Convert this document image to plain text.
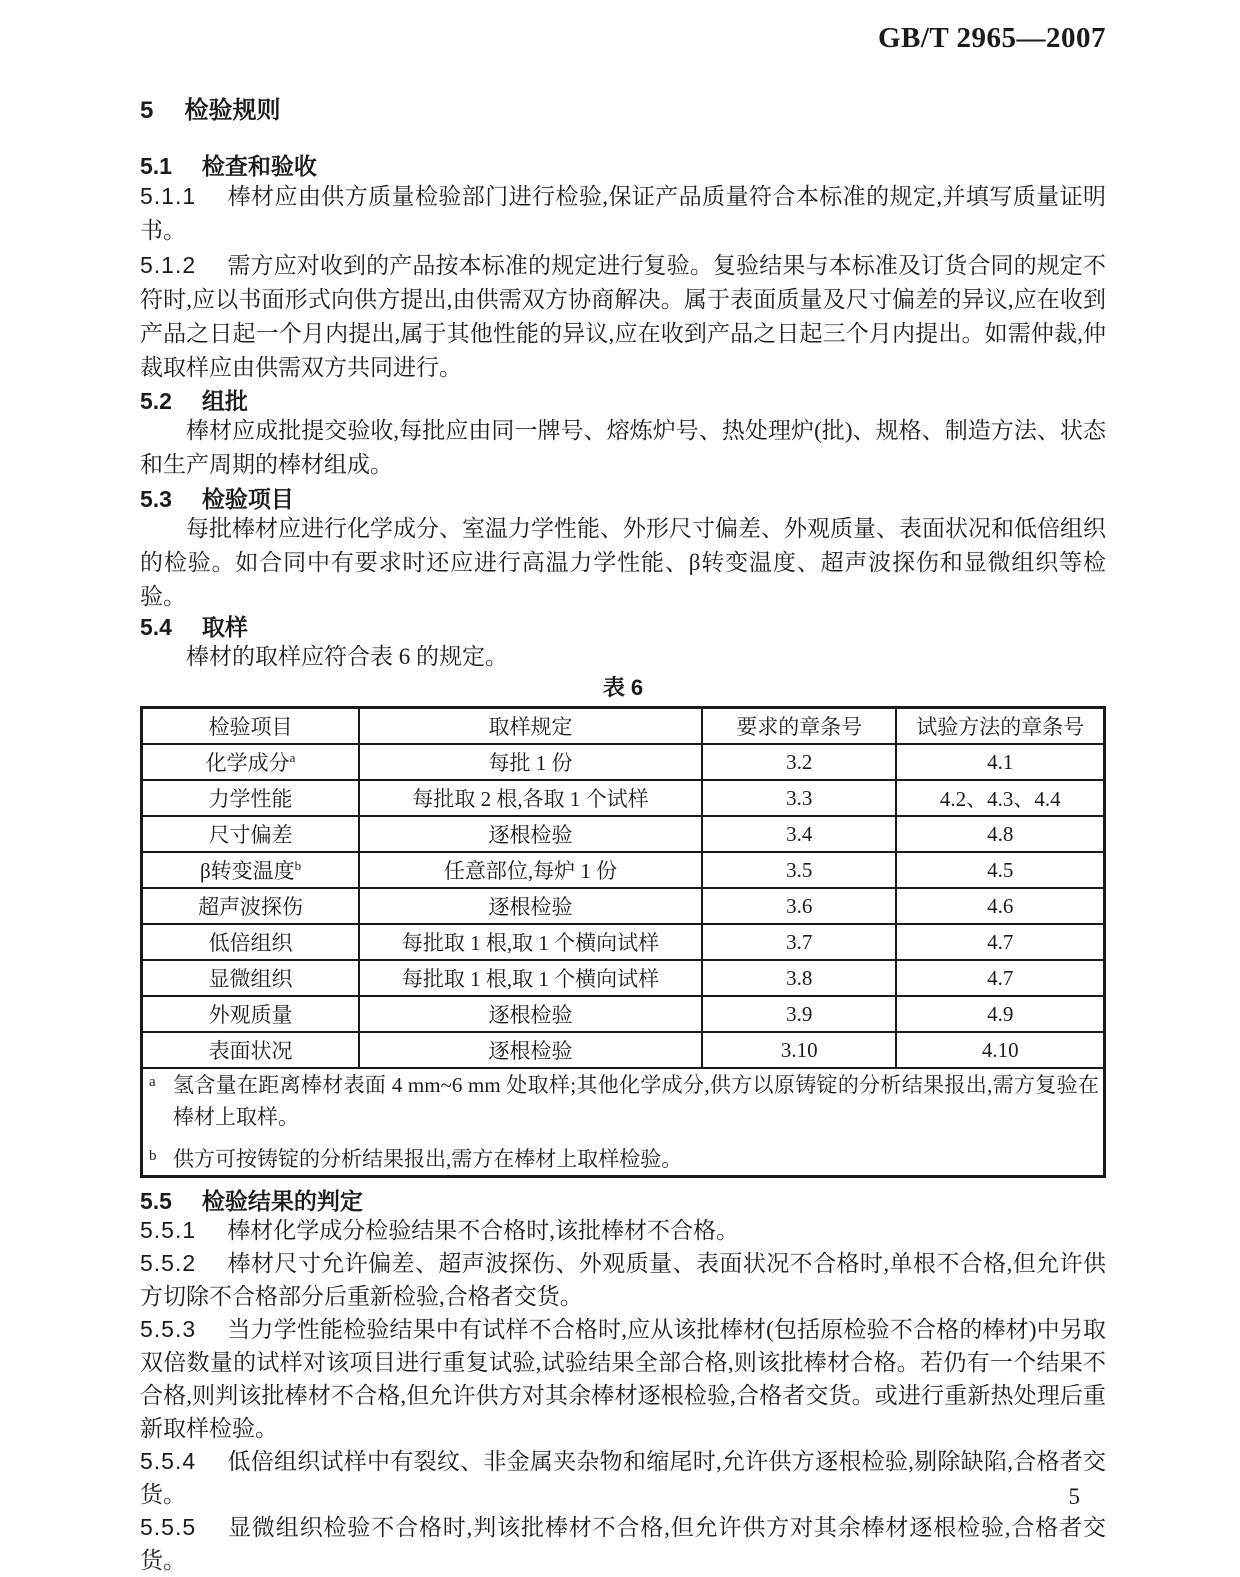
GB/T 2965—2007
5 检验规则
5.1 检查和验收

5.1.1 棒材应由供方质量检验部门进行检验,保证产品质量符合本标准的规定,并填写质量证明书。

5.1.2 需方应对收到的产品按本标准的规定进行复验。复验结果与本标准及订货合同的规定不符时,应以书面形式向供方提出,由供需双方协商解决。属于表面质量及尺寸偏差的异议,应在收到产品之日起一个月内提出,属于其他性能的异议,应在收到产品之日起三个月内提出。如需仲裁,仲裁取样应由供需双方共同进行。

5.2 组批

棒材应成批提交验收,每批应由同一牌号、熔炼炉号、热处理炉(批)、规格、制造方法、状态和生产周期的棒材组成。

5.3 检验项目

每批棒材应进行化学成分、室温力学性能、外形尺寸偏差、外观质量、表面状况和低倍组织的检验。如合同中有要求时还应进行高温力学性能、β转变温度、超声波探伤和显微组织等检验。

5.4 取样

棒材的取样应符合表 6 的规定。

表 6
检验项目	取样规定	要求的章条号	试验方法的章条号
化学成分$^a$	每批 1 份	3.2	4.1
力学性能	每批取 2 根,各取 1 个试样	3.3	4.2、4.3、4.4
尺寸偏差	逐根检验	3.4	4.8
β转变温度$^b$	任意部位,每炉 1 份	3.5	4.5
超声波探伤	逐根检验	3.6	4.6
低倍组织	每批取 1 根,取 1 个横向试样	3.7	4.7
显微组织	每批取 1 根,取 1 个横向试样	3.8	4.7
外观质量	逐根检验	3.9	4.9
表面状况	逐根检验	3.10	4.10

a 氢含量在距离棒材表面 4 mm~6 mm 处取样;其他化学成分,供方以原铸锭的分析结果报出,需方复验在棒材上取样。
b 供方可按铸锭的分析结果报出,需方在棒材上取样检验。			
5.5 检验结果的判定

5.5.1 棒材化学成分检验结果不合格时,该批棒材不合格。

5.5.2 棒材尺寸允许偏差、超声波探伤、外观质量、表面状况不合格时,单根不合格,但允许供方切除不合格部分后重新检验,合格者交货。

5.5.3 当力学性能检验结果中有试样不合格时,应从该批棒材(包括原检验不合格的棒材)中另取双倍数量的试样对该项目进行重复试验,试验结果全部合格,则该批棒材合格。若仍有一个结果不合格,则判该批棒材不合格,但允许供方对其余棒材逐根检验,合格者交货。或进行重新热处理后重新取样检验。

5.5.4 低倍组织试样中有裂纹、非金属夹杂物和缩尾时,允许供方逐根检验,剔除缺陷,合格者交货。

5.5.5 显微组织检验不合格时,判该批棒材不合格,但允许供方对其余棒材逐根检验,合格者交货。

5
